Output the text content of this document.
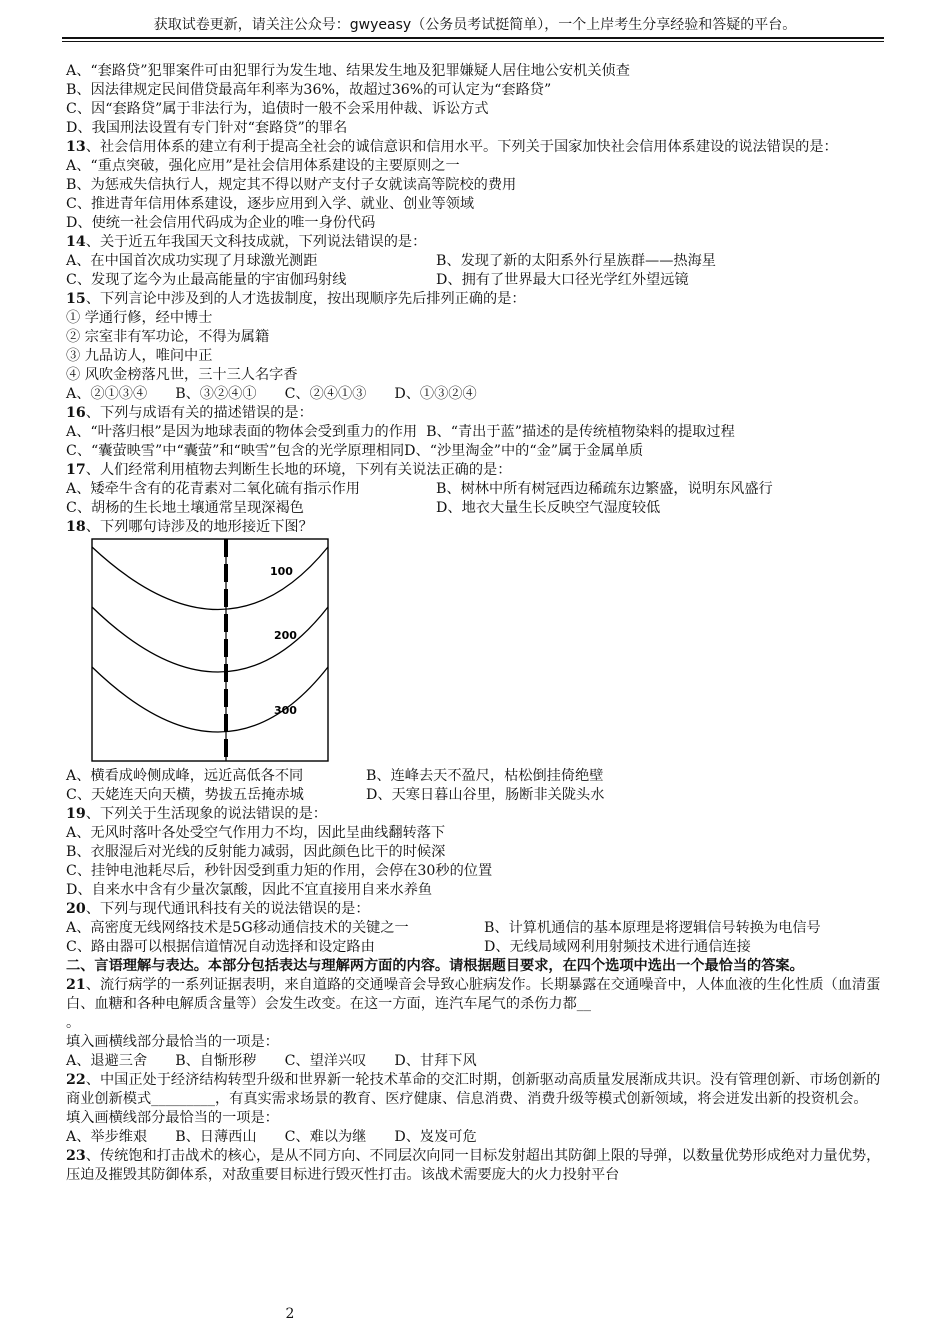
获取试卷更新，请关注公众号：gwyeasy（公务员考试挺简单），一个上岸考生分享经验和答疑的平台。
A、“套路贷”犯罪案件可由犯罪行为发生地、结果发生地及犯罪嫌疑人居住地公安机关侦查
B、因法律规定民间借贷最高年利率为36%，故超过36%的可认定为“套路贷”
C、因“套路贷”属于非法行为，追债时一般不会采用仲裁、诉讼方式
D、我国刑法设置有专门针对“套路贷”的罪名
13、社会信用体系的建立有利于提高全社会的诚信意识和信用水平。下列关于国家加快社会信用体系建设的说法错误的是：
A、“重点突破，强化应用”是社会信用体系建设的主要原则之一
B、为惩戒失信执行人，规定其不得以财产支付子女就读高等院校的费用
C、推进青年信用体系建设，逐步应用到入学、就业、创业等领域
D、使统一社会信用代码成为企业的唯一身份代码
14、关于近五年我国天文科技成就，下列说法错误的是：
A、在中国首次成功实现了月球激光测距	B、发现了新的太阳系外行星族群——热海星
C、发现了迄今为止最高能量的宇宙伽玛射线	D、拥有了世界最大口径光学红外望远镜
15、下列言论中涉及到的人才选拔制度，按出现顺序先后排列正确的是：
① 学通行修，经中博士
② 宗室非有军功论，不得为属籍
③ 九品访人，唯问中正
④ 风吹金榜落凡世，三十三人名字香
A、②①③④ B、③②④① C、②④①③ D、①③②④
16、下列与成语有关的描述错误的是：
A、“叶落归根”是因为地球表面的物体会受到重力的作用 B、“青出于蓝”描述的是传统植物染料的提取过程
C、“囊萤映雪”中“囊萤”和“映雪”包含的光学原理相同D、“沙里淘金”中的“金”属于金属单质
17、人们经常利用植物去判断生长地的环境，下列有关说法正确的是：
A、矮牵牛含有的花青素对二氧化硫有指示作用	B、树林中所有树冠西边稀疏东边繁盛，说明东风盛行
C、胡杨的生长地土壤通常呈现深褐色	D、地衣大量生长反映空气湿度较低
18、下列哪句诗涉及的地形接近下图？
100
200
300
A、横看成岭侧成峰，远近高低各不同	B、连峰去天不盈尺，枯松倒挂倚绝壁
C、天姥连天向天横，势拔五岳掩赤城	D、天寒日暮山谷里，肠断非关陇头水
19、下列关于生活现象的说法错误的是：
A、无风时落叶各处受空气作用力不均，因此呈曲线翻转落下
B、衣服湿后对光线的反射能力减弱，因此颜色比干的时候深
C、挂钟电池耗尽后，秒针因受到重力矩的作用，会停在30秒的位置
D、自来水中含有少量次氯酸，因此不宜直接用自来水养鱼
20、下列与现代通讯科技有关的说法错误的是：
A、高密度无线网络技术是5G移动通信技术的关键之一	B、计算机通信的基本原理是将逻辑信号转换为电信号
C、路由器可以根据信道情况自动选择和设定路由	D、无线局域网利用射频技术进行通信连接
二、言语理解与表达。本部分包括表达与理解两方面的内容。请根据题目要求，在四个选项中选出一个最恰当的答案。
21、流行病学的一系列证据表明，来自道路的交通噪音会导致心脏病发作。长期暴露在交通噪音中，人体血液的生化性质（血清蛋白、血糖和各种电解质含量等）会发生改变。在这一方面，连汽车尾气的杀伤力都__
。
填入画横线部分最恰当的一项是：
A、退避三舍 B、自惭形秽 C、望洋兴叹 D、甘拜下风
22、中国正处于经济结构转型升级和世界新一轮技术革命的交汇时期，创新驱动高质量发展渐成共识。没有管理创新、市场创新的商业创新模式_________，有真实需求场景的教育、医疗健康、信息消费、消费升级等模式创新领域，将会迸发出新的投资机会。
填入画横线部分最恰当的一项是：
A、举步维艰 B、日薄西山 C、难以为继 D、岌岌可危
23、传统饱和打击战术的核心，是从不同方向、不同层次向同一目标发射超出其防御上限的导弹，以数量优势形成绝对力量优势，压迫及摧毁其防御体系，对敌重要目标进行毁灭性打击。该战术需要庞大的火力投射平台
2
